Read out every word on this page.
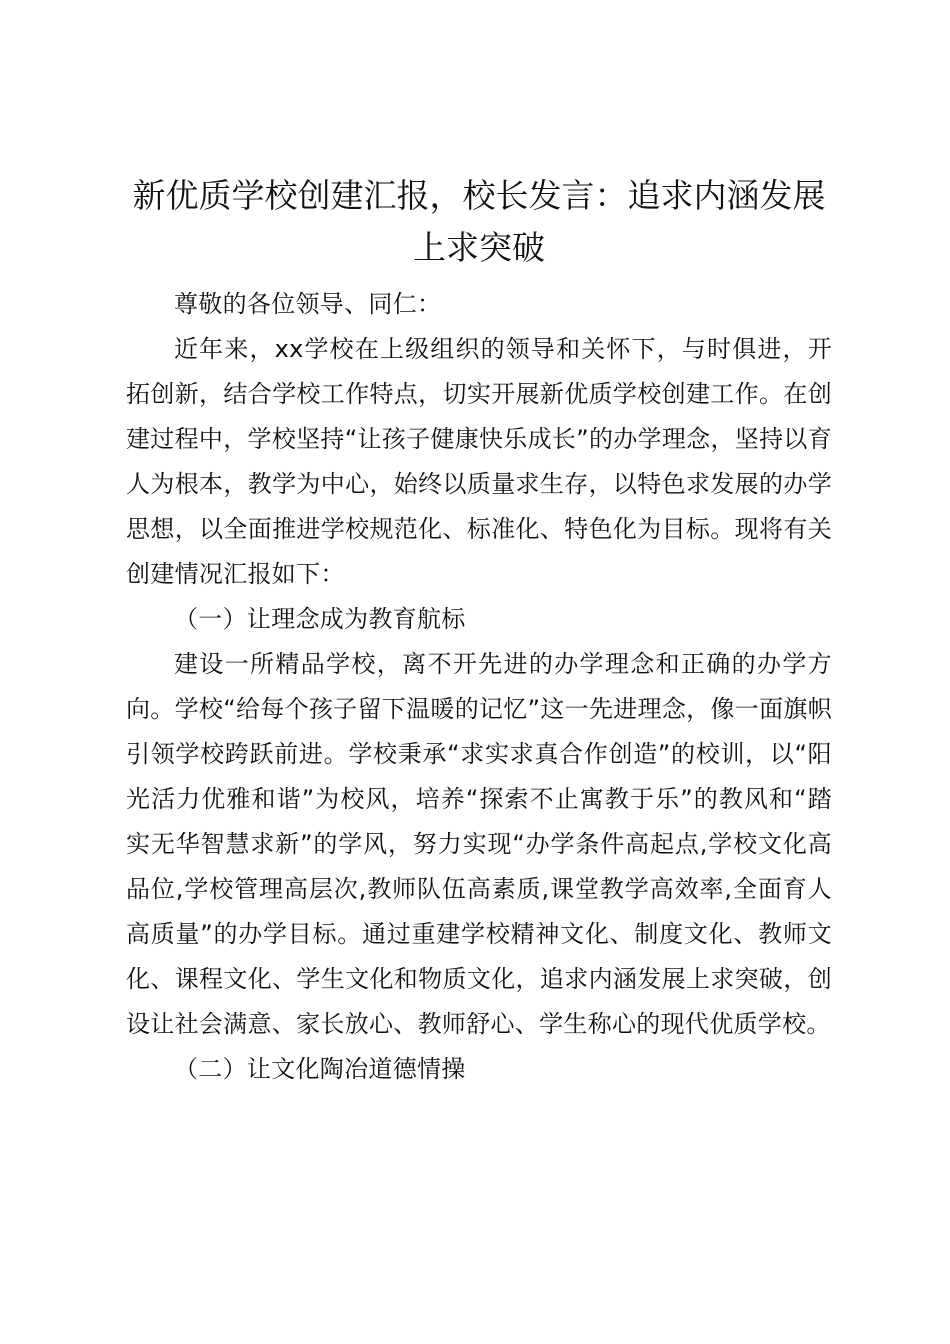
新优质学校创建汇报，校长发言：追求内涵发展上求突破

尊敬的各位领导、同仁：

近年来，xx学校在上级组织的领导和关怀下，与时俱进，开拓创新，结合学校工作特点，切实开展新优质学校创建工作。在创建过程中，学校坚持“让孩子健康快乐成长”的办学理念，坚持以育人为根本，教学为中心，始终以质量求生存，以特色求发展的办学思想，以全面推进学校规范化、标准化、特色化为目标。现将有关创建情况汇报如下：

（一）让理念成为教育航标

建设一所精品学校，离不开先进的办学理念和正确的办学方向。学校“给每个孩子留下温暖的记忆”这一先进理念，像一面旗帜引领学校跨跃前进。学校秉承“求实求真合作创造”的校训，以“阳光活力优雅和谐”为校风，培养“探索不止寓教于乐”的教风和“踏实无华智慧求新”的学风，努力实现“办学条件高起点,学校文化高品位,学校管理高层次,教师队伍高素质,课堂教学高效率,全面育人高质量”的办学目标。通过重建学校精神文化、制度文化、教师文化、课程文化、学生文化和物质文化，追求内涵发展上求突破，创设让社会满意、家长放心、教师舒心、学生称心的现代优质学校。

（二）让文化陶冶道德情操
